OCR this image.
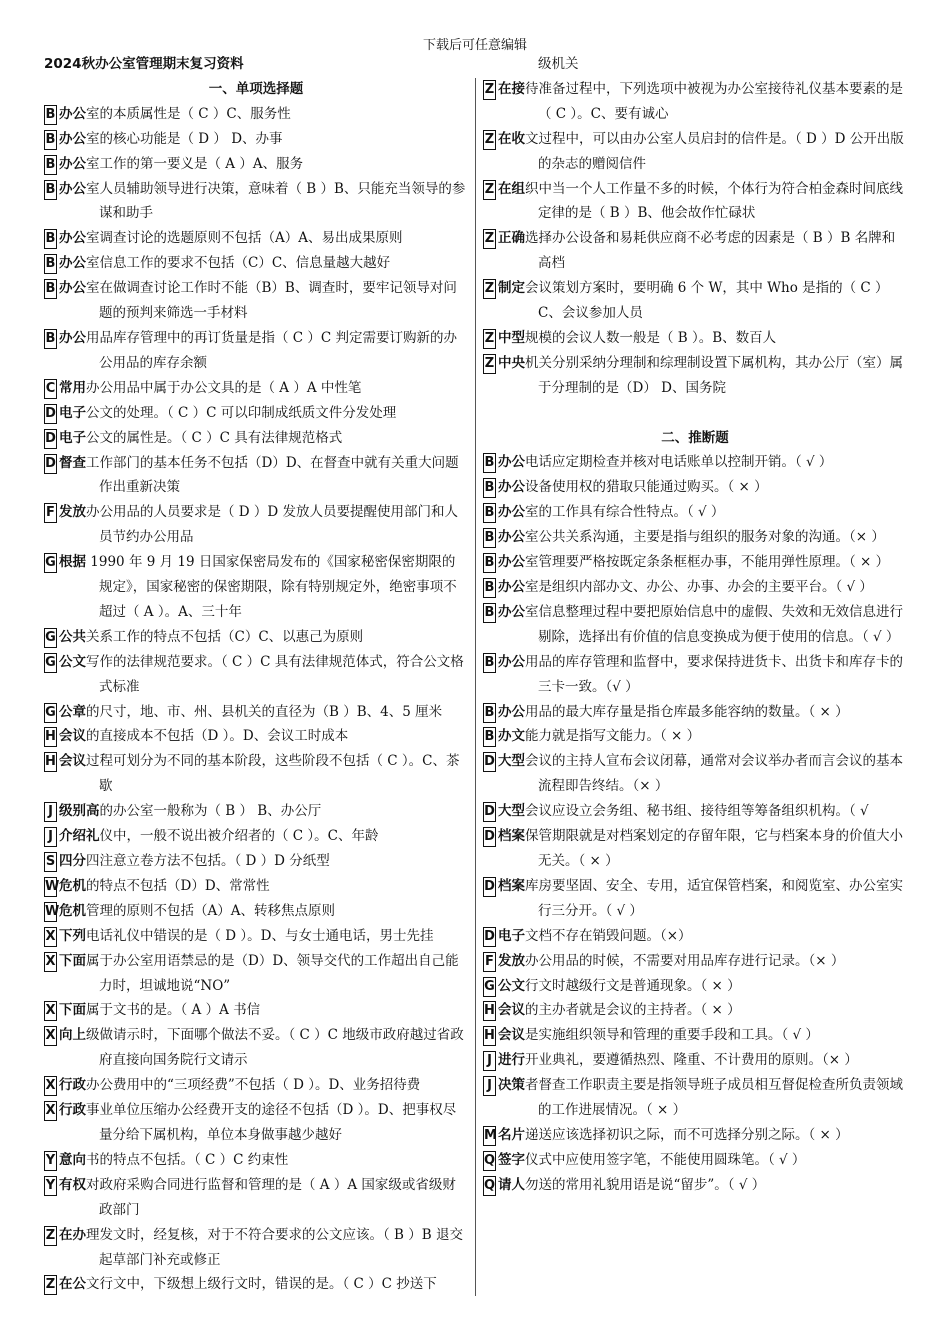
下载后可任意编辑
2024秋办公室管理期末复习资料
一、单项选择题
B 办公室的本质属性是（ C ）C、服务性
B 办公室的核心功能是（ D ） D、办事
B 办公室工作的第一要义是（ A ）A、服务
B 办公室人员辅助领导进行决策，意味着（ B ）B、只能充当领导的参谋和助手
B 办公室调查讨论的选题原则不包括（A）A、易出成果原则
B 办公室信息工作的要求不包括（C）C、信息量越大越好
B 办公室在做调查讨论工作时不能（B）B、调查时，要牢记领导对问题的预判来筛选一手材料
B 办公用品库存管理中的再订货量是指（ C ）C 判定需要订购新的办公用品的库存余额
C 常用办公用品中属于办公文具的是（ A ）A 中性笔
D 电子公文的处理。（ C ）C 可以印制成纸质文件分发处理
D 电子公文的属性是。（ C ）C 具有法律规范格式
D 督查工作部门的基本任务不包括（D）D、在督查中就有关重大问题作出重新决策
F 发放办公用品的人员要求是（ D ）D 发放人员要提醒使用部门和人员节约办公用品
G 根据 1990 年 9 月 19 日国家保密局发布的《国家秘密保密期限的规定》，国家秘密的保密期限，除有特别规定外，绝密事项不超过（ A ）。A、三十年
G 公共关系工作的特点不包括（C）C、以惠己为原则
G 公文写作的法律规范要求。（ C ）C 具有法律规范体式，符合公文格式标准
G 公章的尺寸，地、市、州、县机关的直径为（B ）B、4、5 厘米
H 会议的直接成本不包括（D ）。D、会议工时成本
H 会议过程可划分为不同的基本阶段，这些阶段不包括（ C ）。C、茶歇
J 级别高的办公室一般称为（ B ） B、办公厅
J 介绍礼仪中，一般不说出被介绍者的（ C ）。C、年龄
S 四分四注意立卷方法不包括。（ D ）D 分纸型
W 危机的特点不包括（D）D、常常性
W 危机管理的原则不包括（A）A、转移焦点原则
X 下列电话礼仪中错误的是（ D ）。D、与女士通电话，男士先挂
X 下面属于办公室用语禁忌的是（D）D、领导交代的工作超出自己能力时，坦诚地说“NO”
X 下面属于文书的是。（ A ）A 书信
X 向上级做请示时，下面哪个做法不妥。（ C ）C 地级市政府越过省政府直接向国务院行文请示
X 行政办公费用中的“三项经费”不包括（ D ）。D、业务招待费
X 行政事业单位压缩办公经费开支的途径不包括（D ）。D、把事权尽量分给下属机构，单位本身做事越少越好
Y 意向书的特点不包括。（ C ）C 约束性
Y 有权对政府采购合同进行监督和管理的是（ A ）A 国家级或省级财政部门
Z 在办理发文时，经复核，对于不符合要求的公文应该。（ B ）B 退交起草部门补充或修正
Z 在公文行文中，下级想上级行文时，错误的是。（ C ）C 抄送下
级机关
Z 在接待准备过程中，下列选项中被视为办公室接待礼仪基本要素的是（ C ）。C、要有诚心
Z 在收文过程中，可以由办公室人员启封的信件是。（ D ）D 公开出版的杂志的赠阅信件
Z 在组织中当一个人工作量不多的时候，个体行为符合柏金森时间底线定律的是（ B ）B、他会故作忙碌状
Z 正确选择办公设备和易耗供应商不必考虑的因素是（ B ）B 名牌和高档
Z 制定会议策划方案时，要明确 6 个 W，其中 Who 是指的（ C ）C、会议参加人员
Z 中型规模的会议人数一般是（ B ）。B、数百人
Z 中央机关分别采纳分理制和综理制设置下属机构，其办公厅（室）属于分理制的是（D） D、国务院
二、推断题
B 办公电话应定期检查并核对电话账单以控制开销。（ √ ）
B 办公设备使用权的猎取只能通过购买。（ × ）
B 办公室的工作具有综合性特点。（ √ ）
B 办公室公共关系沟通，主要是指与组织的服务对象的沟通。（× ）
B 办公室管理要严格按既定条条框框办事，不能用弹性原理。（ × ）
B 办公室是组织内部办文、办公、办事、办会的主要平台。（ √ ）
B 办公室信息整理过程中要把原始信息中的虚假、失效和无效信息进行剔除，选择出有价值的信息变换成为便于使用的信息。（ √ ）
B 办公用品的库存管理和监督中，要求保持进货卡、出货卡和库存卡的三卡一致。（√ ）
B 办公用品的最大库存量是指仓库最多能容纳的数量。（ × ）
B 办文能力就是指写文能力。（ × ）
D 大型会议的主持人宣布会议闭幕，通常对会议举办者而言会议的基本流程即告终结。（× ）
D 大型会议应设立会务组、秘书组、接待组等筹备组织机构。（ √
D 档案保管期限就是对档案划定的存留年限，它与档案本身的价值大小无关。（ × ）
D 档案库房要坚固、安全、专用，适宜保管档案，和阅览室、办公室实行三分开。（ √ ）
D 电子文档不存在销毁问题。（×）
F 发放办公用品的时候，不需要对用品库存进行记录。（× ）
G 公文行文时越级行文是普通现象。（ × ）
H 会议的主办者就是会议的主持者。（ × ）
H 会议是实施组织领导和管理的重要手段和工具。（ √ ）
J 进行开业典礼，要遵循热烈、隆重、不计费用的原则。（× ）
J 决策者督查工作职责主要是指领导班子成员相互督促检查所负责领域的工作进展情况。（ × ）
M 名片递送应该选择初识之际，而不可选择分别之际。（ × ）
Q 签字仪式中应使用签字笔，不能使用圆珠笔。（ √ ）
Q 请人勿送的常用礼貌用语是说“留步”。（ √ ）
